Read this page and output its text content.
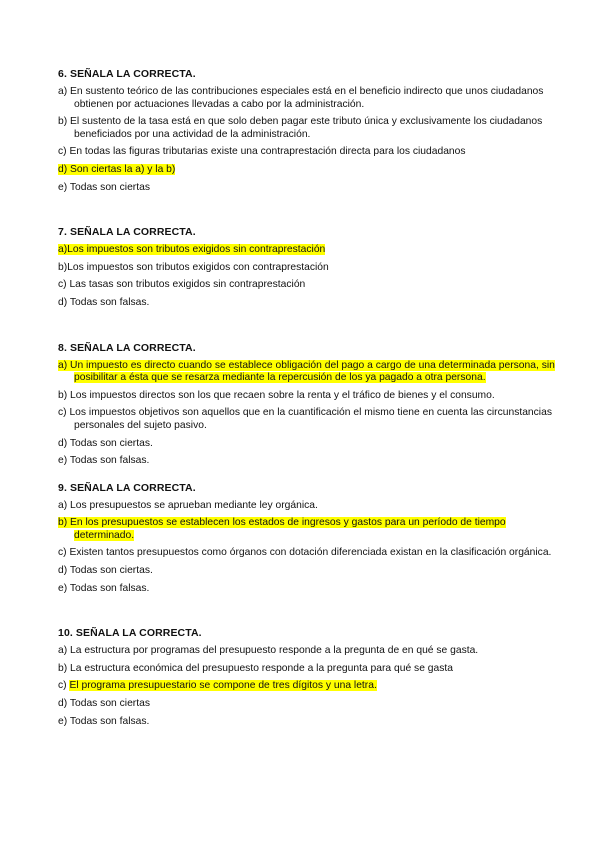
6. SEÑALA LA CORRECTA.

a) En sustento teórico de las contribuciones especiales está en el beneficio indirecto que unos ciudadanos obtienen por actuaciones llevadas a cabo por la administración.

b) El sustento de la tasa está en que solo deben pagar este tributo única y exclusivamente los ciudadanos beneficiados por una actividad de la administración.

c) En todas las figuras tributarias existe una contraprestación directa para los ciudadanos

d) Son ciertas la a) y la b)

e) Todas son ciertas

7. SEÑALA LA CORRECTA.

a)Los impuestos son tributos exigidos sin contraprestación

b)Los impuestos son tributos exigidos con contraprestación

c) Las tasas son tributos exigidos sin contraprestación

d) Todas son falsas.

8. SEÑALA LA CORRECTA.

a) Un impuesto es directo cuando se establece obligación del pago a cargo de una determinada persona, sin posibilitar a ésta que se resarza mediante la repercusión de los ya pagado a otra persona.

b) Los impuestos directos son los que recaen sobre la renta y el tráfico de bienes y el consumo.

c) Los impuestos objetivos son aquellos que en la cuantificación el mismo tiene en cuenta las circunstancias personales del sujeto pasivo.

d) Todas son ciertas.

e) Todas son falsas.

9. SEÑALA LA CORRECTA.

a) Los presupuestos se aprueban mediante ley orgánica.

b) En los presupuestos se establecen los estados de ingresos y gastos para un período de tiempo determinado.

c) Existen tantos presupuestos como órganos con dotación diferenciada existan en la clasificación orgánica.

d) Todas son ciertas.

e) Todas son falsas.

10. SEÑALA LA CORRECTA.

a) La estructura por programas del presupuesto responde a la pregunta de en qué se gasta.

b) La estructura económica del presupuesto responde a la pregunta para qué se gasta

c) El programa presupuestario se compone de tres dígitos y una letra.

d) Todas son ciertas

e) Todas son falsas.
